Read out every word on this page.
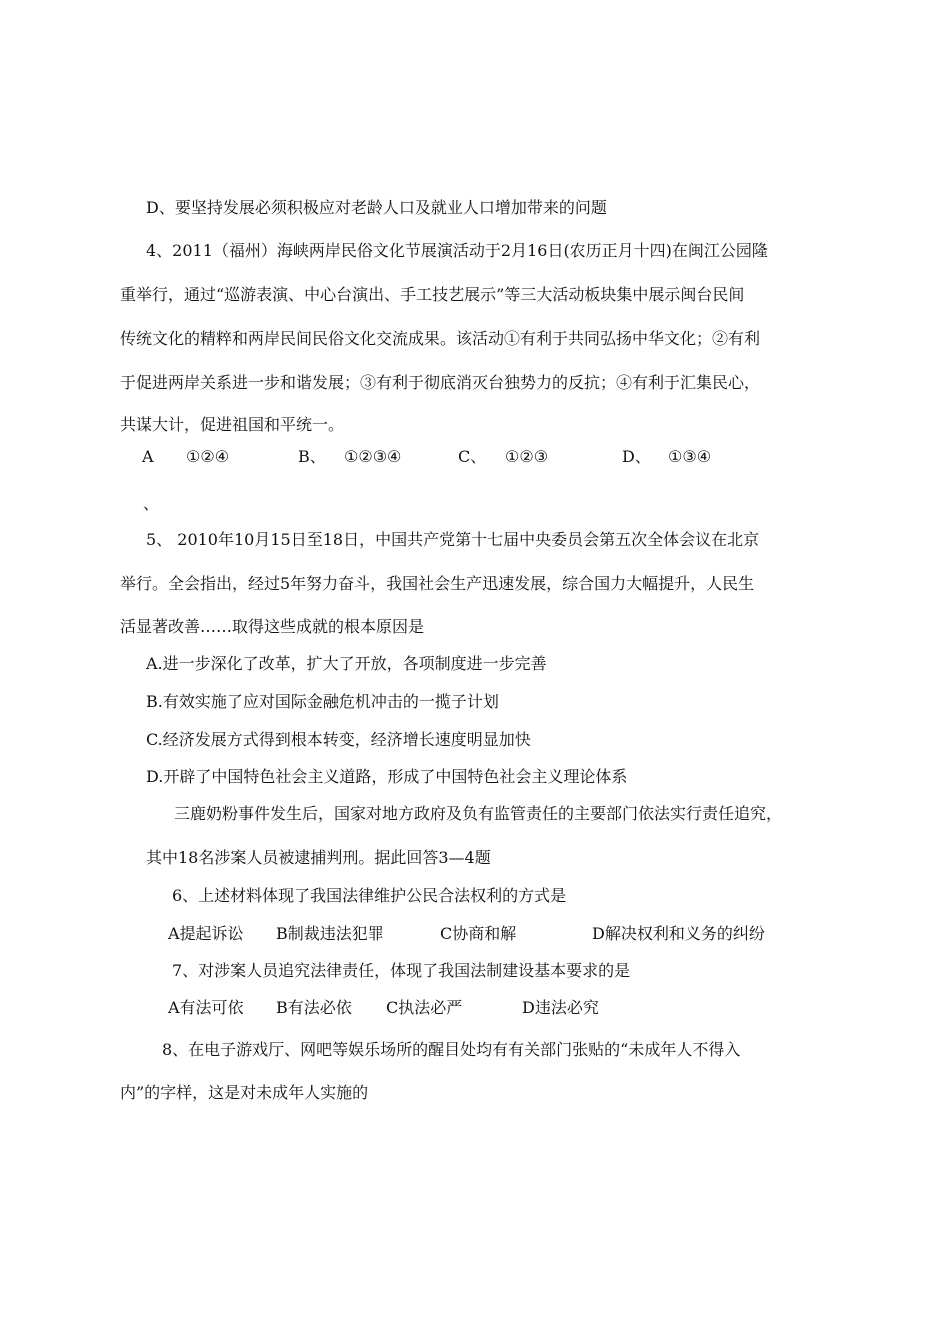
D、要坚持发展必须积极应对老龄人口及就业人口增加带来的问题
4、2011（福州）海峡两岸民俗文化节展演活动于2月16日(农历正月十四)在闽江公园隆
重举行，通过“巡游表演、中心台演出、手工技艺展示”等三大活动板块集中展示闽台民间
传统文化的精粹和两岸民间民俗文化交流成果。该活动①有利于共同弘扬中华文化；②有利
于促进两岸关系进一步和谐发展；③有利于彻底消灭台独势力的反抗；④有利于汇集民心，
共谋大计，促进祖国和平统一。
A ①②④	B、 ①②③④	C、 ①②③	D、 ①③④
、
5、 2010年10月15日至18日，中国共产党第十七届中央委员会第五次全体会议在北京
举行。全会指出，经过5年努力奋斗，我国社会生产迅速发展，综合国力大幅提升，人民生
活显著改善……取得这些成就的根本原因是
A.进一步深化了改革，扩大了开放，各项制度进一步完善
B.有效实施了应对国际金融危机冲击的一揽子计划
C.经济发展方式得到根本转变，经济增长速度明显加快
D.开辟了中国特色社会主义道路，形成了中国特色社会主义理论体系
三鹿奶粉事件发生后，国家对地方政府及负有监管责任的主要部门依法实行责任追究，
其中18名涉案人员被逮捕判刑。据此回答3—4题
6、上述材料体现了我国法律维护公民合法权利的方式是
A提起诉讼 B制裁违法犯罪	C协商和解	D解决权利和义务的纠纷
7、对涉案人员追究法律责任，体现了我国法制建设基本要求的是
A有法可依 B有法必依 C执法必严	D违法必究
8、在电子游戏厅、网吧等娱乐场所的醒目处均有有关部门张贴的“未成年人不得入
内”的字样，这是对未成年人实施的
